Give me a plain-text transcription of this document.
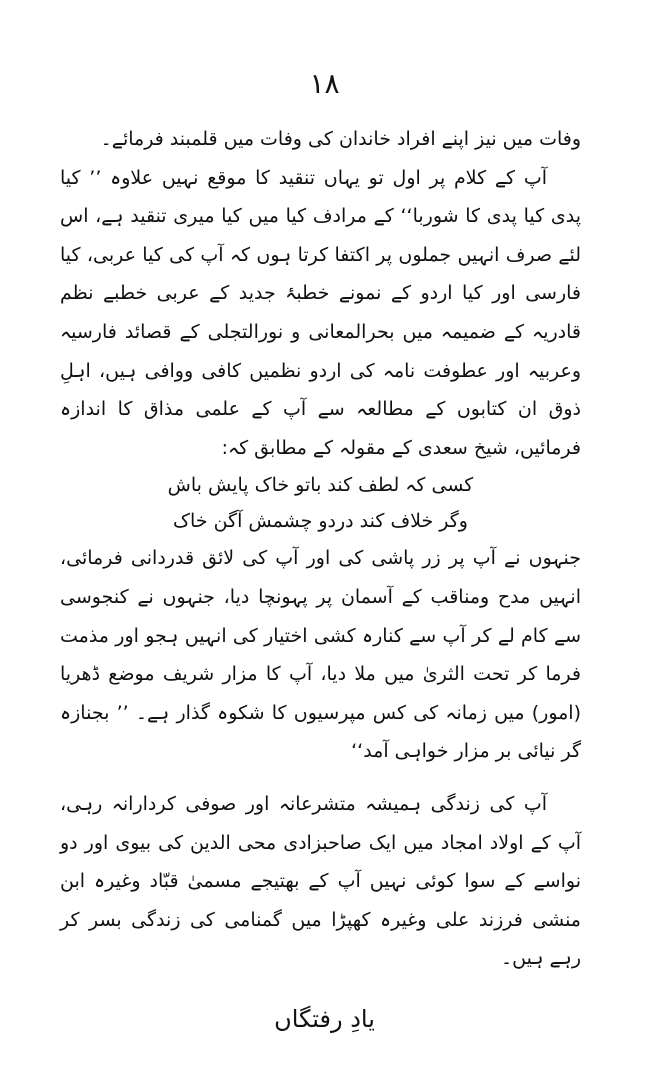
۱۸

وفات میں نیز اپنے افراد خاندان کی وفات میں قلمبند فرمائے۔

آپ کے کلام پر اول تو یہاں تنقید کا موقع نہیں علاوہ ’’ کیا پدی کیا پدی کا شوربا‘‘ کے مرادف کیا میں کیا میری تنقید ہے، اس لئے صرف انہیں جملوں پر اکتفا کرتا ہوں کہ آپ کی کیا عربی، کیا فارسی اور کیا اردو کے نمونے خطبۂ جدید کے عربی خطبے نظم قادریہ کے ضمیمہ میں بحرالمعانی و نورالتجلی کے قصائد فارسیہ وعربیہ اور عطوفت نامہ کی اردو نظمیں کافی ووافی ہیں، اہلِ ذوق ان کتابوں کے مطالعہ سے آپ کے علمی مذاق کا اندازہ فرمائیں، شیخ سعدی کے مقولہ کے مطابق کہ:

کسی کہ لطف کند باتو خاک پایش باش

وگر خلاف کند دردو چشمش آگن خاک

جنہوں نے آپ پر زر پاشی کی اور آپ کی لائق قدردانی فرمائی، انہیں مدح ومناقب کے آسمان پر پہونچا دیا، جنہوں نے کنجوسی سے کام لے کر آپ سے کنارہ کشی اختیار کی انہیں ہجو اور مذمت فرما کر تحت الثریٰ میں ملا دیا، آپ کا مزار شریف موضع ڈھریا (امور) میں زمانہ کی کس مپرسیوں کا شکوہ گذار ہے۔ ’’ بجنازہ گر نیائی بر مزار خواہی آمد‘‘

آپ کی زندگی ہمیشہ متشرعانہ اور صوفی کردارانہ رہی، آپ کے اولاد امجاد میں ایک صاحبزادی محی الدین کی بیوی اور دو نواسے کے سوا کوئی نہیں آپ کے بھتیجے مسمیٰ قبّاد وغیرہ ابن منشی فرزند علی وغیرہ کھپڑا میں گمنامی کی زندگی بسر کر رہے ہیں۔

یادِ رفتگاں
